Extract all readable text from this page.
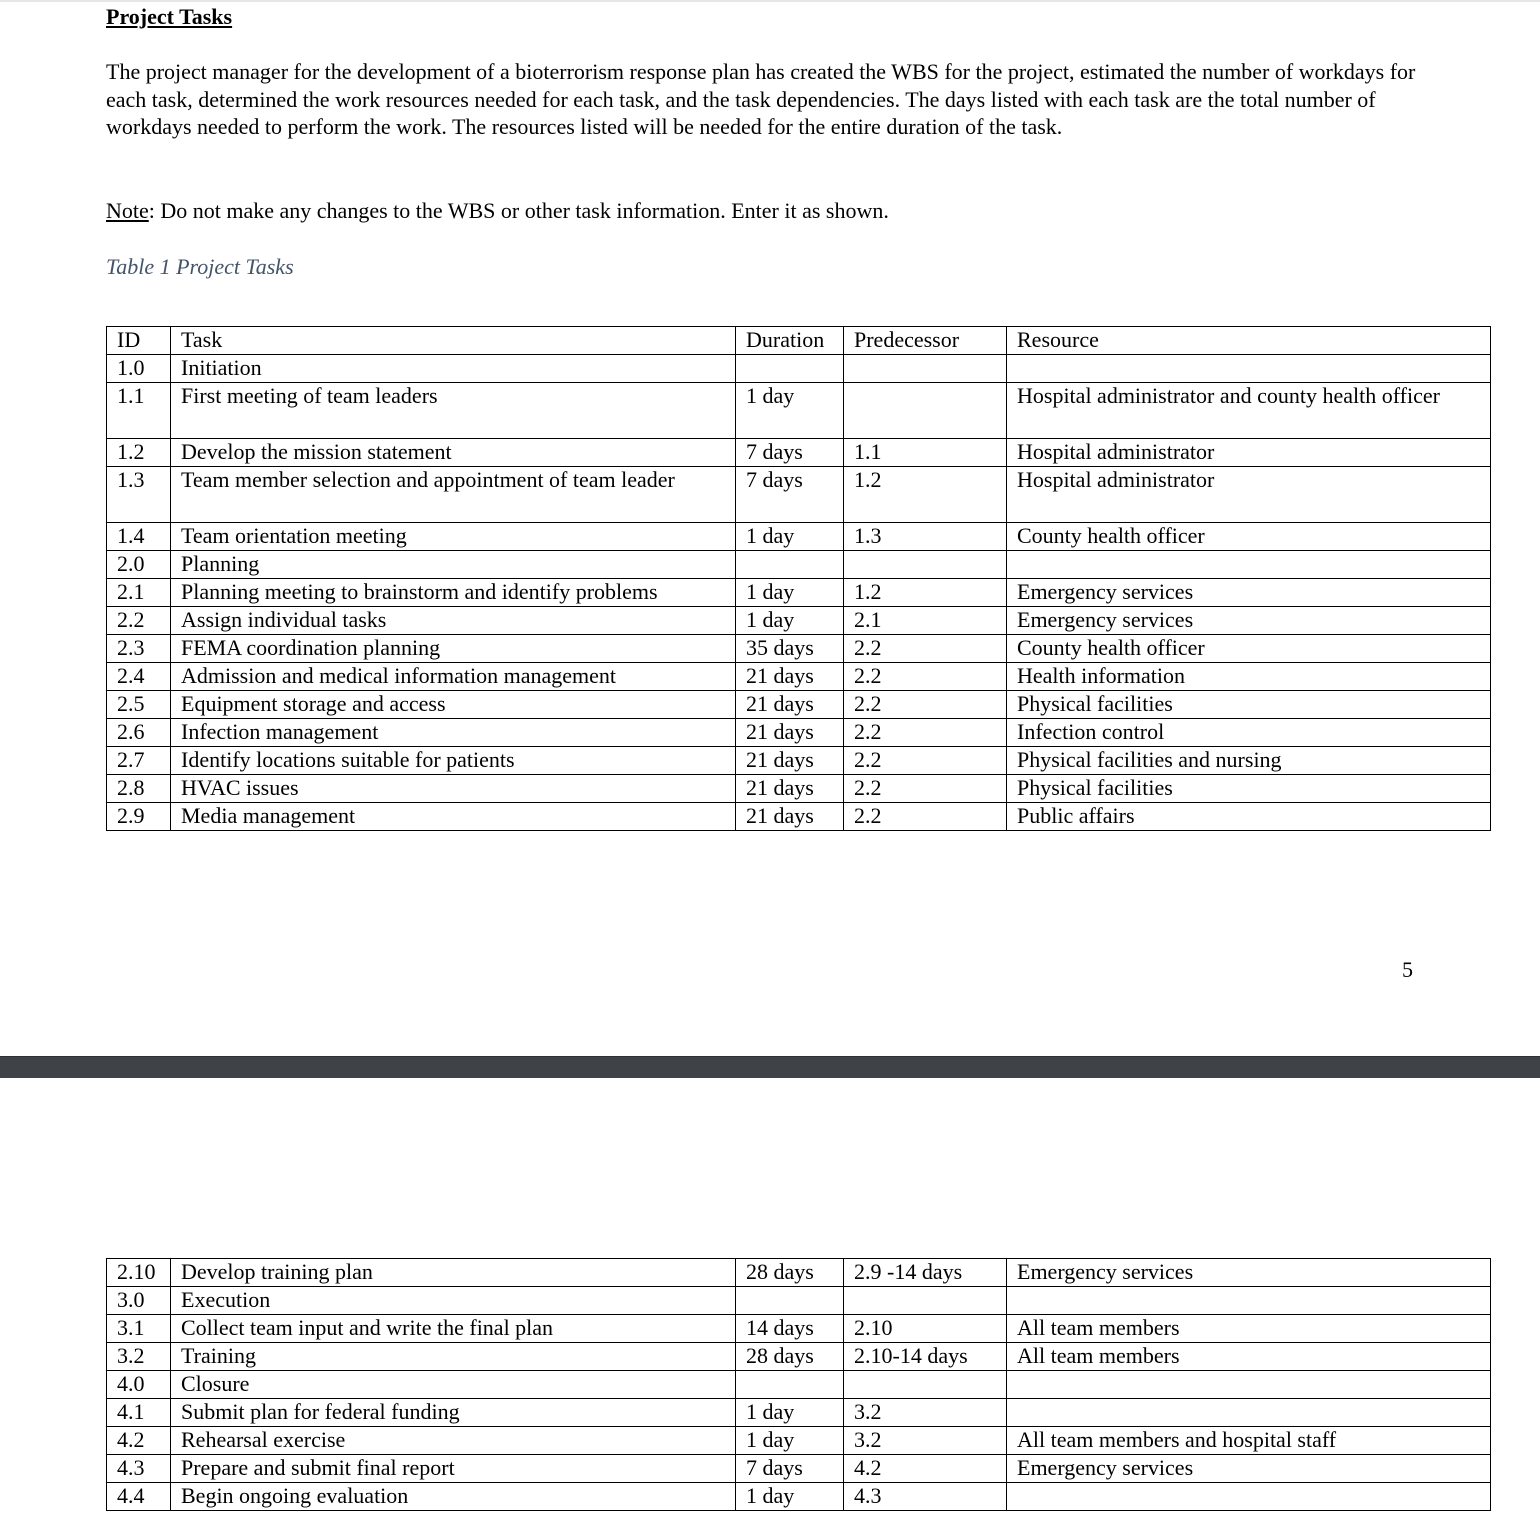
Project Tasks
The project manager for the development of a bioterrorism response plan has created the WBS for the project, estimated the number of workdays for each task, determined the work resources needed for each task, and the task dependencies. The days listed with each task are the total number of workdays needed to perform the work. The resources listed will be needed for the entire duration of the task.
Note: Do not make any changes to the WBS or other task information. Enter it as shown.
Table 1 Project Tasks
ID	Task	Duration	Predecessor	Resource
1.0	Initiation			
1.1	First meeting of team leaders	1 day		Hospital administrator and county health officer
1.2	Develop the mission statement	7 days	1.1	Hospital administrator
1.3	Team member selection and appointment of team leader	7 days	1.2	Hospital administrator
1.4	Team orientation meeting	1 day	1.3	County health officer
2.0	Planning			
2.1	Planning meeting to brainstorm and identify problems	1 day	1.2	Emergency services
2.2	Assign individual tasks	1 day	2.1	Emergency services
2.3	FEMA coordination planning	35 days	2.2	County health officer
2.4	Admission and medical information management	21 days	2.2	Health information
2.5	Equipment storage and access	21 days	2.2	Physical facilities
2.6	Infection management	21 days	2.2	Infection control
2.7	Identify locations suitable for patients	21 days	2.2	Physical facilities and nursing
2.8	HVAC issues	21 days	2.2	Physical facilities
2.9	Media management	21 days	2.2	Public affairs
5
2.10	Develop training plan	28 days	2.9 -14 days	Emergency services
3.0	Execution			
3.1	Collect team input and write the final plan	14 days	2.10	All team members
3.2	Training	28 days	2.10-14 days	All team members
4.0	Closure			
4.1	Submit plan for federal funding	1 day	3.2	
4.2	Rehearsal exercise	1 day	3.2	All team members and hospital staff
4.3	Prepare and submit final report	7 days	4.2	Emergency services
4.4	Begin ongoing evaluation	1 day	4.3	
